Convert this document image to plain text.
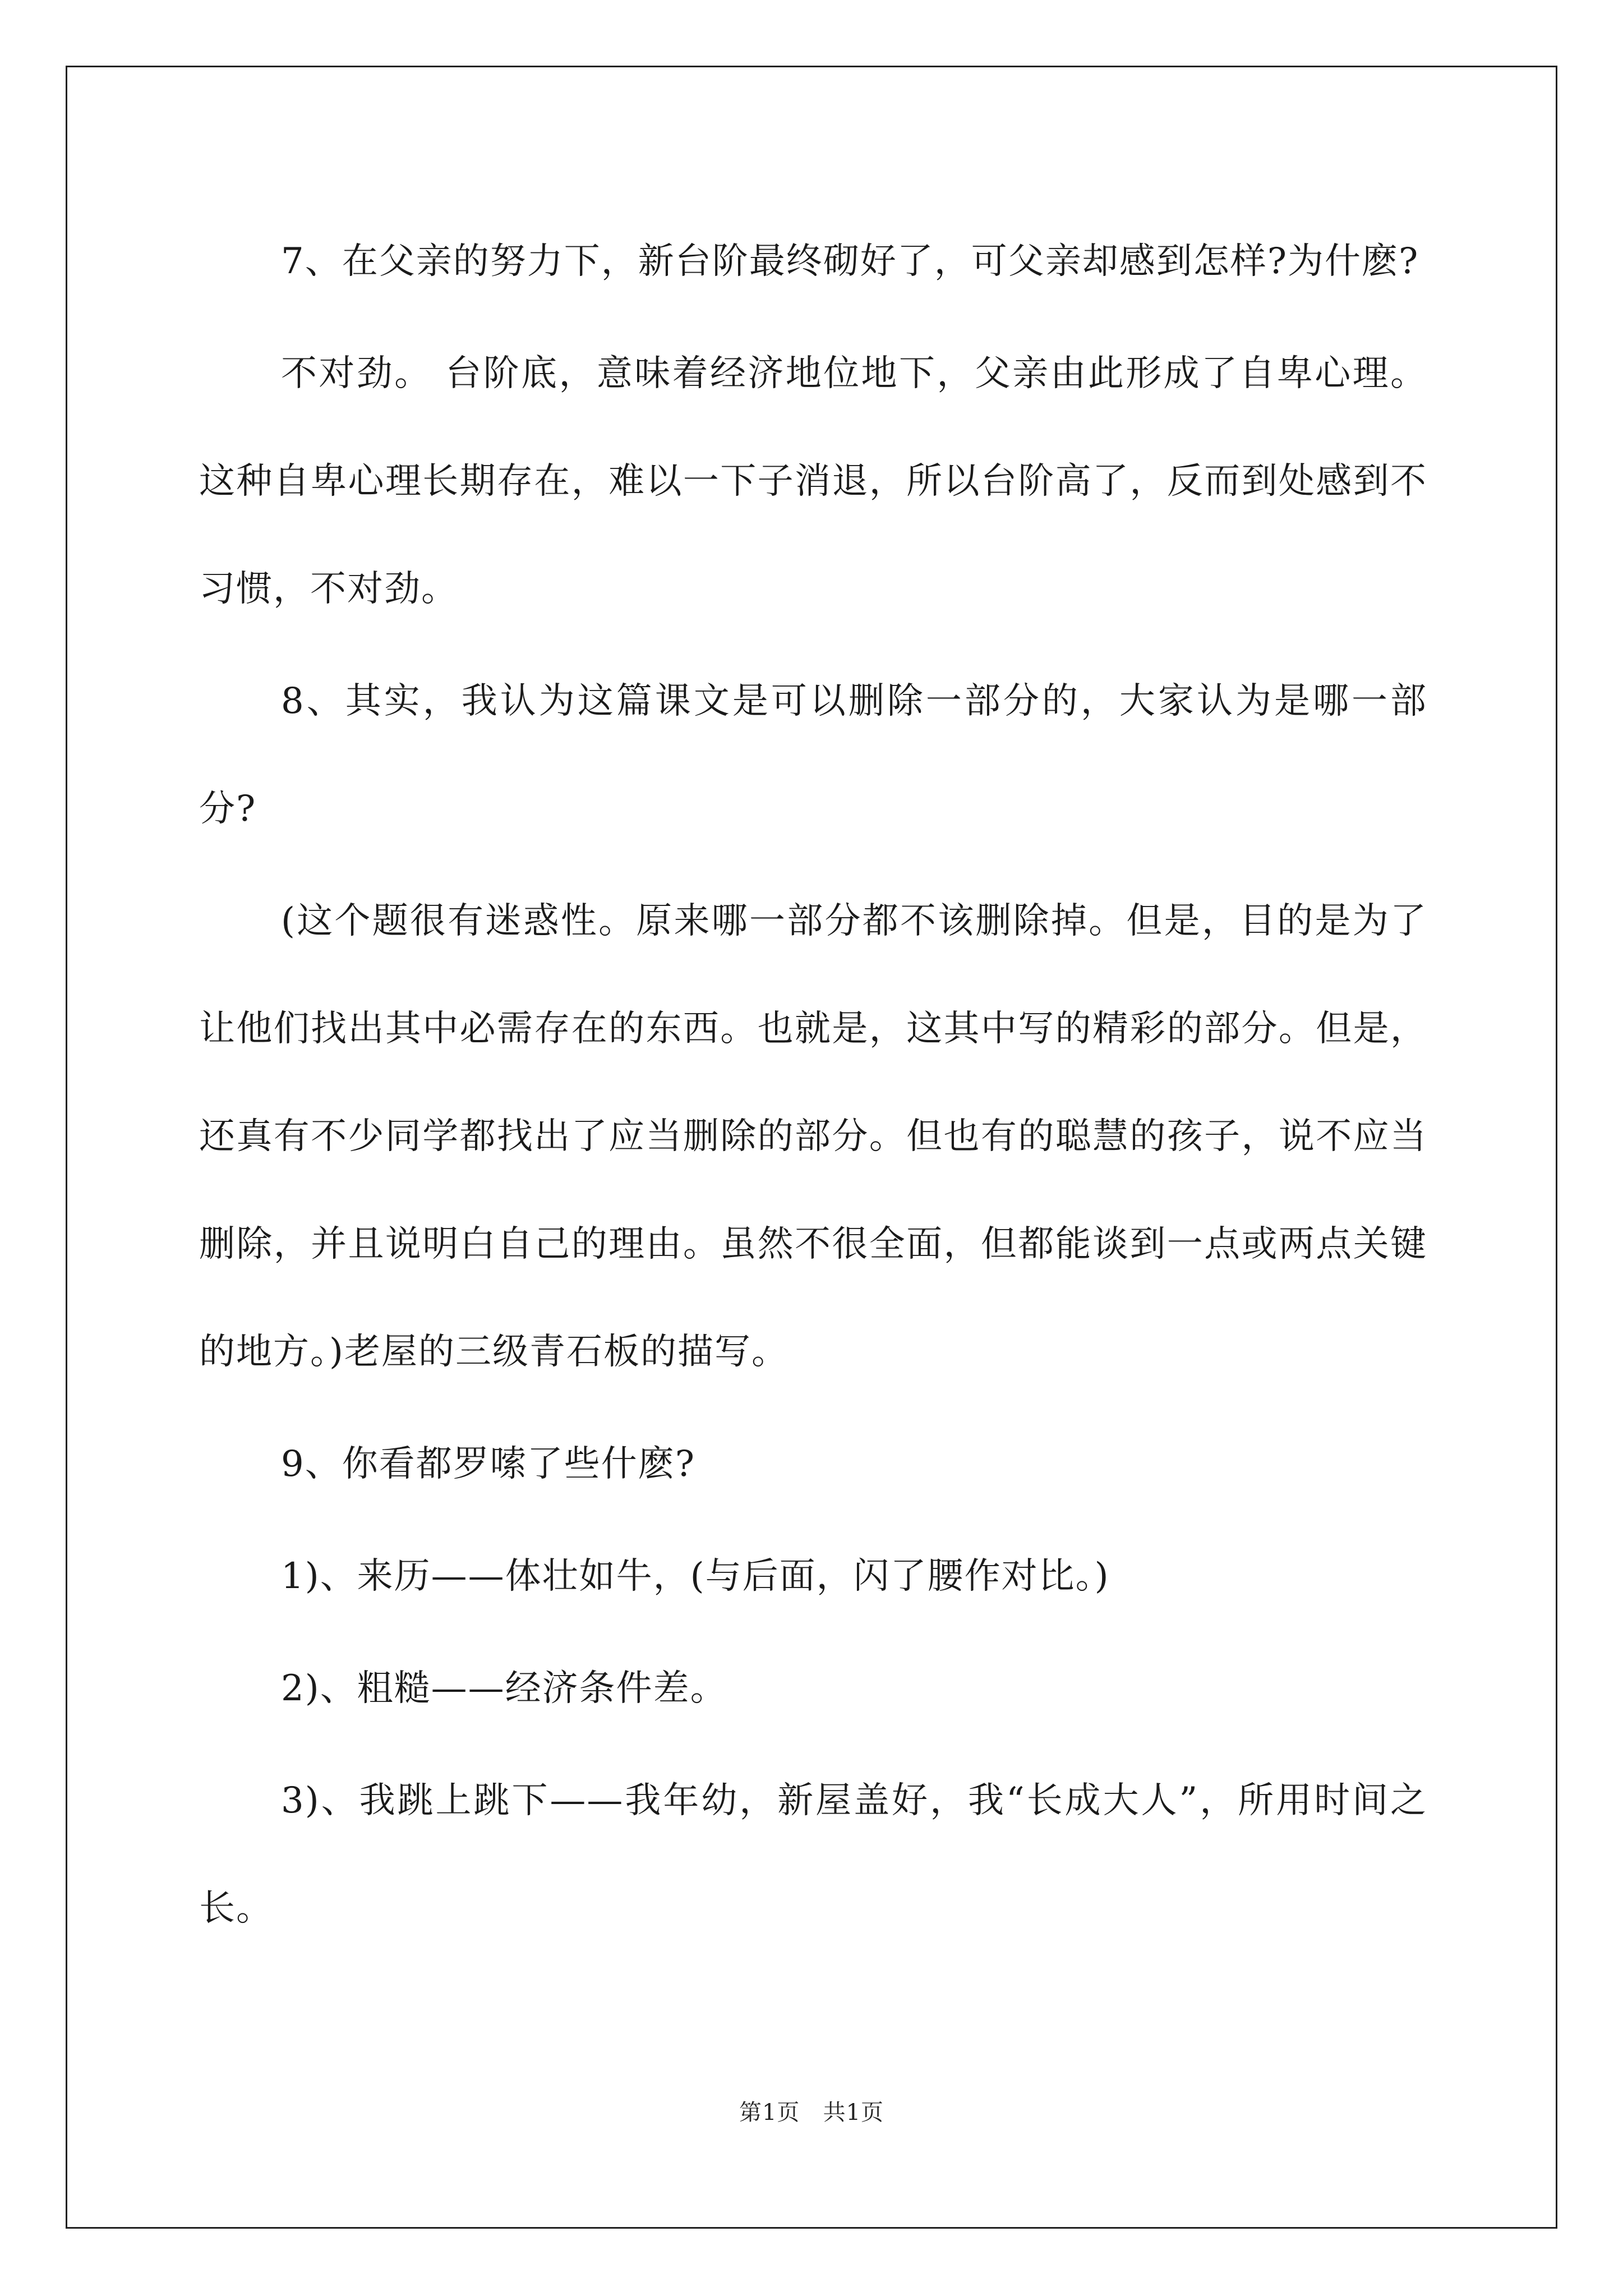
7、在父亲的努力下，新台阶最终砌好了，可父亲却感到怎样?为什麽?

不对劲。 台阶底，意味着经济地位地下，父亲由此形成了自卑心理。这种自卑心理长期存在，难以一下子消退，所以台阶高了，反而到处感到不习惯，不对劲。

8、其实，我认为这篇课文是可以删除一部分的，大家认为是哪一部分?

(这个题很有迷惑性。原来哪一部分都不该删除掉。但是，目的是为了让他们找出其中必需存在的东西。也就是，这其中写的精彩的部分。但是，还真有不少同学都找出了应当删除的部分。但也有的聪慧的孩子，说不应当删除，并且说明白自己的理由。虽然不很全面，但都能谈到一点或两点关键的地方。)老屋的三级青石板的描写。

9、你看都罗嗦了些什麽?

1)、来历——体壮如牛，(与后面，闪了腰作对比。)

2)、粗糙——经济条件差。

3)、我跳上跳下——我年幼，新屋盖好，我“长成大人”，所用时间之长。

第1页 共1页
